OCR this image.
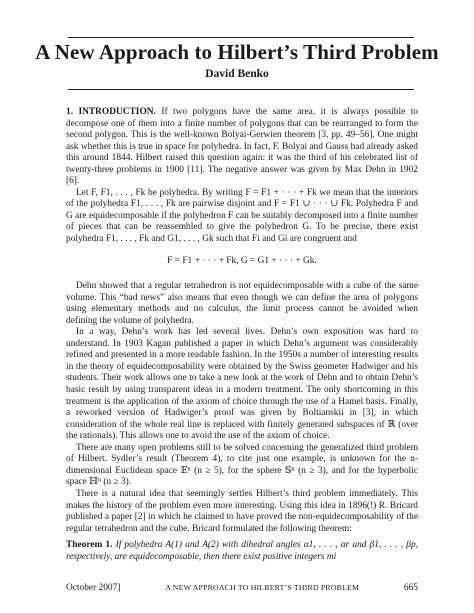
A New Approach to Hilbert’s Third Problem
David Benko

1. INTRODUCTION. If two polygons have the same area, it is always possible to decompose one of them into a finite number of polygons that can be rearranged to form the second polygon. This is the well-known Bolyai-Gerwien theorem [3, pp. 49–56]. One might ask whether this is true in space for polyhedra. In fact, F. Bolyai and Gauss had already asked this around 1844. Hilbert raised this question again: it was the third of his celebrated list of twenty-three problems in 1900 [11]. The negative answer was given by Max Dehn in 1902 [6].

Let F, F1, . . . , Fk be polyhedra. By writing F = F1 + · · · + Fk we mean that the interiors of the polyhedra F1, . . . , Fk are pairwise disjoint and F = F1 ∪ · · · ∪ Fk. Polyhedra F and G are equidecomposable if the polyhedron F can be suitably decomposed into a finite number of pieces that can be reassembled to give the polyhedron G. To be precise, there exist polyhedra F1, . . . , Fk and G1, . . . , Gk such that Fi and Gi are congruent and

F = F1 + · · · + Fk, G = G1 + · · · + Gk.

Dehn showed that a regular tetrahedron is not equidecomposable with a cube of the same volume. This “bad news” also means that even though we can define the area of polygons using elementary methods and no calculus, the limit process cannot be avoided when defining the volume of polyhedra.

In a way, Dehn’s work has led several lives. Dehn’s own exposition was hard to understand. In 1903 Kagan published a paper in which Dehn’s argument was considerably refined and presented in a more readable fashion. In the 1950s a number of interesting results in the theory of equidecomposability were obtained by the Swiss geometer Hadwiger and his students. Their work allows one to take a new look at the work of Dehn and to obtain Dehn’s basic result by using transparent ideas in a modern treatment. The only shortcoming in this treatment is the application of the axiom of choice through the use of a Hamel basis. Finally, a reworked version of Hadwiger’s proof was given by Boltianskii in [3], in which consideration of the whole real line is replaced with finitely generated subspaces of ℝ (over the rationals). This allows one to avoid the use of the axiom of choice.

There are many open problems still to be solved concerning the generalized third problem of Hilbert. Sydler’s result (Theorem 4), to cite just one example, is unknown for the n-dimensional Euclidean space 𝔼ⁿ (n ≥ 5), for the sphere 𝕊ⁿ (n ≥ 3), and for the hyperbolic space ℍⁿ (n ≥ 3).

There is a natural idea that seemingly settles Hilbert’s third problem immediately. This makes the history of the problem even more interesting. Using this idea in 1896(!) R. Bricard published a paper [2] in which he claimed to have proved the non-equidecomposability of the regular tetrahedron and the cube. Bricard formulated the following theorem:

Theorem 1. If polyhedra A(1) and A(2) with dihedral angles α1, . . . , αr and β1, . . . , βp, respectively, are equidecomposable, then there exist positive integers mi

October 2007]	A NEW APPROACH TO HILBERT’S THIRD PROBLEM	665
